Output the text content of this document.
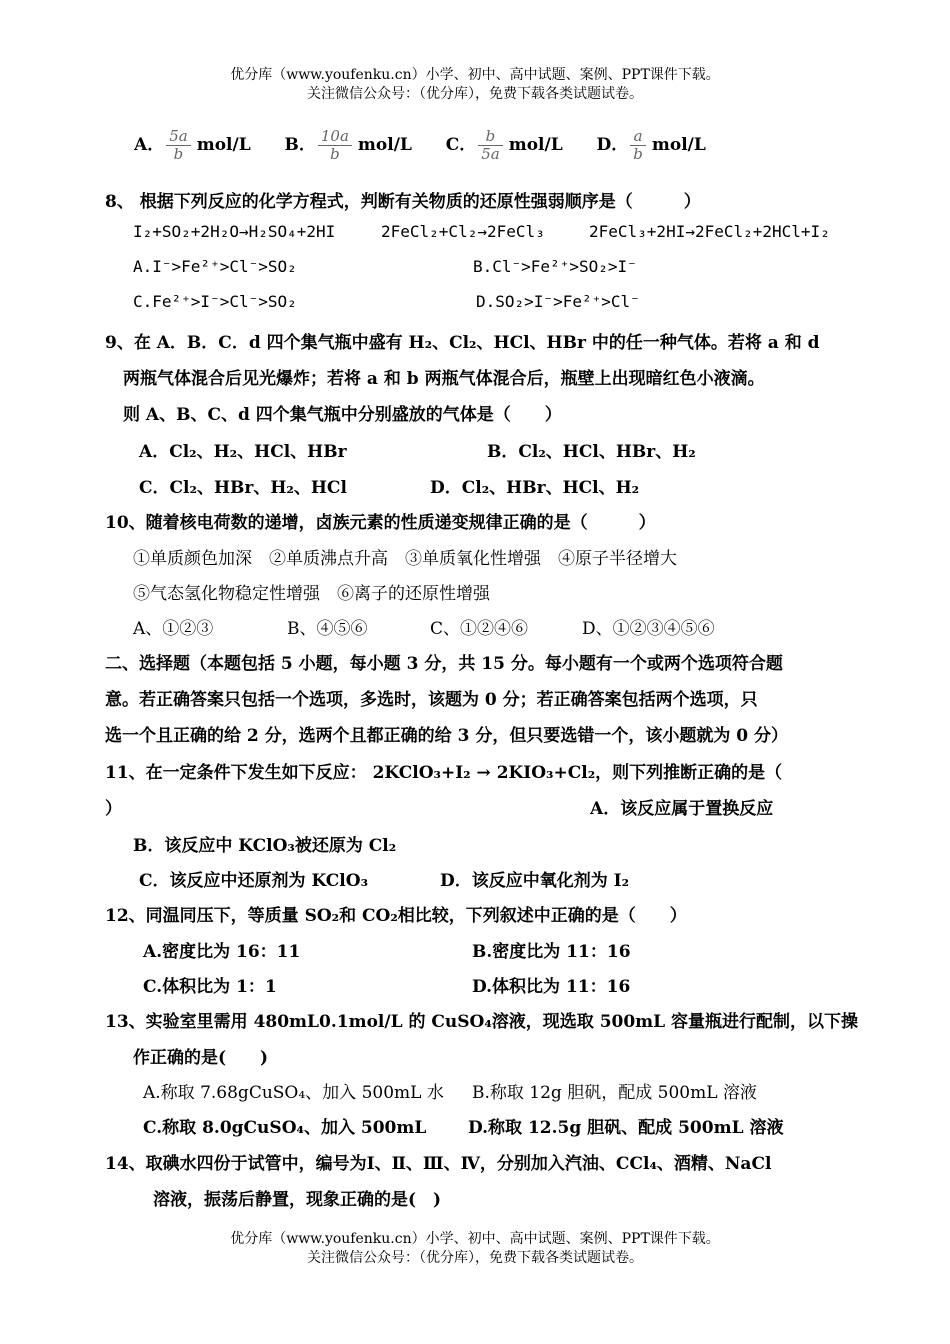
优分库（www.youfenku.cn）小学、初中、高中试题、案例、PPT课件下载。
关注微信公众号：（优分库），免费下载各类试题试卷。
A． $\frac{5a}{b} mol/L$ B． $\frac{10a}{b} mol/L$ C． $\frac{b}{5a} mol/L$ D． $\frac{a}{b} mol/L$
8、 根据下列反应的化学方程式，判断有关物质的还原性强弱顺序是（　　　）
I₂+SO₂+2H₂O→H₂SO₄+2HI	2FeCl₂+Cl₂→2FeCl₃	2FeCl₃+2HI→2FeCl₂+2HCl+I₂
A.I⁻>Fe²⁺>Cl⁻>SO₂	B.Cl⁻>Fe²⁺>SO₂>I⁻
C.Fe²⁺>I⁻>Cl⁻>SO₂	D.SO₂>I⁻>Fe²⁺>Cl⁻
9、在 A．B．C．d 四个集气瓶中盛有 H₂、Cl₂、HCl、HBr 中的任一种气体。若将 a 和 d
两瓶气体混合后见光爆炸；若将 a 和 b 两瓶气体混合后，瓶壁上出现暗红色小液滴。
则 A、B、C、d 四个集气瓶中分别盛放的气体是（　　）
A．Cl₂、H₂、HCl、HBr	B．Cl₂、HCl、HBr、H₂
C．Cl₂、HBr、H₂、HCl	D．Cl₂、HBr、HCl、H₂
10、随着核电荷数的递增，卤族元素的性质递变规律正确的是（　　　）
①单质颜色加深　②单质沸点升高　③单质氧化性增强　④原子半径增大
⑤气态氢化物稳定性增强　⑥离子的还原性增强
A、①②③	B、④⑤⑥	C、①②④⑥	D、①②③④⑤⑥
二、选择题（本题包括 5 小题，每小题 3 分，共 15 分。每小题有一个或两个选项符合题
意。若正确答案只包括一个选项，多选时，该题为 0 分；若正确答案包括两个选项，只
选一个且正确的给 2 分，选两个且都正确的给 3 分，但只要选错一个，该小题就为 0 分）
11、在一定条件下发生如下反应： 2KClO₃+I₂ → 2KIO₃+Cl₂，则下列推断正确的是（
）	A．该反应属于置换反应
B．该反应中 KClO₃被还原为 Cl₂
C．该反应中还原剂为 KClO₃	D．该反应中氧化剂为 I₂
12、同温同压下，等质量 SO₂和 CO₂相比较，下列叙述中正确的是（　　）
A.密度比为 16：11	B.密度比为 11：16
C.体积比为 1：1	D.体积比为 11：16
13、实验室里需用 480mL0.1mol/L 的 CuSO₄溶液，现选取 500mL 容量瓶进行配制，以下操
作正确的是(　　)
A.称取 7.68gCuSO₄、加入 500mL 水 B.称取 12g 胆矾，配成 500mL 溶液
C.称取 8.0gCuSO₄、加入 500mL D.称取 12.5g 胆矾、配成 500mL 溶液
14、取碘水四份于试管中，编号为Ⅰ、Ⅱ、Ⅲ、Ⅳ，分别加入汽油、CCl₄、酒精、NaCl
溶液，振荡后静置，现象正确的是(　)
优分库（www.youfenku.cn）小学、初中、高中试题、案例、PPT课件下载。
关注微信公众号：（优分库），免费下载各类试题试卷。
